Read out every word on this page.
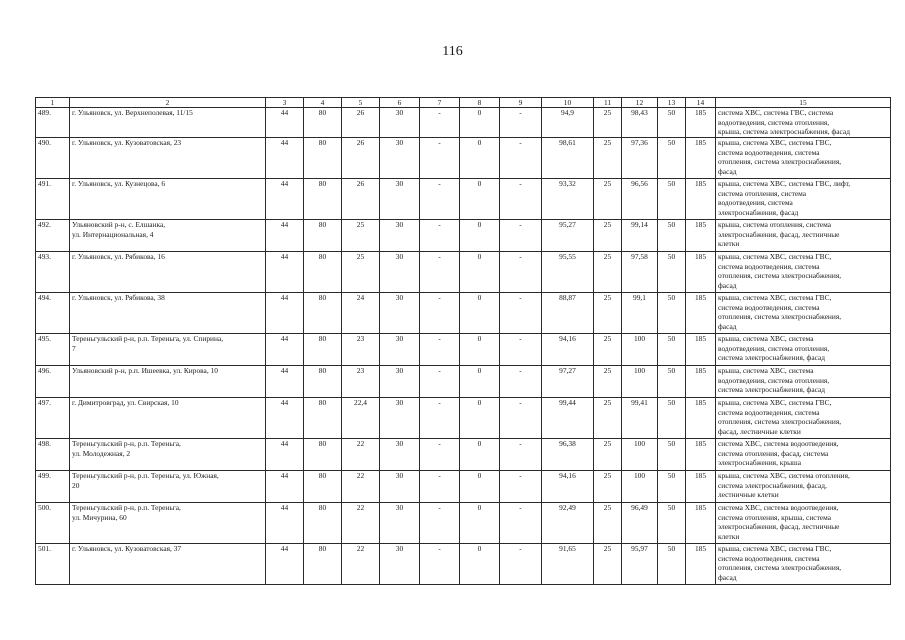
116
1	2	3	4	5	6	7	8	9	10	11	12	13	14	15
489.	г. Ульяновск, ул. Верхнеполевая, 11/15	44	80	26	30	-	0	-	94,9	25	98,43	50	185	система ХВС, система ГВС, система
водоотведения, система отопления,
крыша, система электроснабжения, фасад

490.	г. Ульяновск, ул. Кузоватовская, 23	44	80	26	30	-	0	-	98,61	25	97,36	50	185	крыша, система ХВС, система ГВС,
система водоотведения, система
отопления, система электроснабжения,
фасад

491.	г. Ульяновск, ул. Кузнецова, 6	44	80	26	30	-	0	-	93,32	25	96,56	50	185	крыша, система ХВС, система ГВС, лифт,
система отопления, система
водоотведения, система
электроснабжения, фасад

492.	Ульяновский р-н, с. Елшанка,
ул. Интернациональная, 4	44	80	25	30	-	0	-	95,27	25	99,14	50	185	крыша, система отопления, система
электроснабжения, фасад, лестничные
клетки

493.	г. Ульяновск, ул. Рябикова, 16	44	80	25	30	-	0	-	95,55	25	97,58	50	185	крыша, система ХВС, система ГВС,
система водоотведения, система
отопления, система электроснабжения,
фасад

494.	г. Ульяновск, ул. Рябикова, 38	44	80	24	30	-	0	-	88,87	25	99,1	50	185	крыша, система ХВС, система ГВС,
система водоотведения, система
отопления, система электроснабжения,
фасад

495.	Тереньгульский р-н, р.п. Тереньга, ул. Спирина,
7	44	80	23	30	-	0	-	94,16	25	100	50	185	крыша, система ХВС, система
водоотведения, система отопления,
система электроснабжения, фасад

496.	Ульяновский р-н, р.п. Ишеевка, ул. Кирова, 10	44	80	23	30	-	0	-	97,27	25	100	50	185	крыша, система ХВС, система
водоотведения, система отопления,
система электроснабжения, фасад

497.	г. Димитровград, ул. Свирская, 10	44	80	22,4	30	-	0	-	99,44	25	99,41	50	185	крыша, система ХВС, система ГВС,
система водоотведения, система
отопления, система электроснабжения,
фасад, лестничные клетки

498.	Тереньгульский р-н, р.п. Тереньга,
ул. Молодежная, 2	44	80	22	30	-	0	-	96,38	25	100	50	185	система ХВС, система водоотведения,
система отопления, фасад, система
электроснабжения, крыша

499.	Тереньгульский р-н, р.п. Тереньга, ул. Южная,
20	44	80	22	30	-	0	-	94,16	25	100	50	185	крыша, система ХВС, система отопления,
система электроснабжения, фасад,
лестничные клетки

500.	Тереньгульский р-н, р.п. Тереньга,
ул. Мичурина, 60	44	80	22	30	-	0	-	92,49	25	96,49	50	185	система ХВС, система водоотведения,
система отопления, крыша, система
электроснабжения, фасад, лестничные
клетки

501.	г. Ульяновск, ул. Кузоватовская, 37	44	80	22	30	-	0	-	91,65	25	95,97	50	185	крыша, система ХВС, система ГВС,
система водоотведения, система
отопления, система электроснабжения,
фасад
